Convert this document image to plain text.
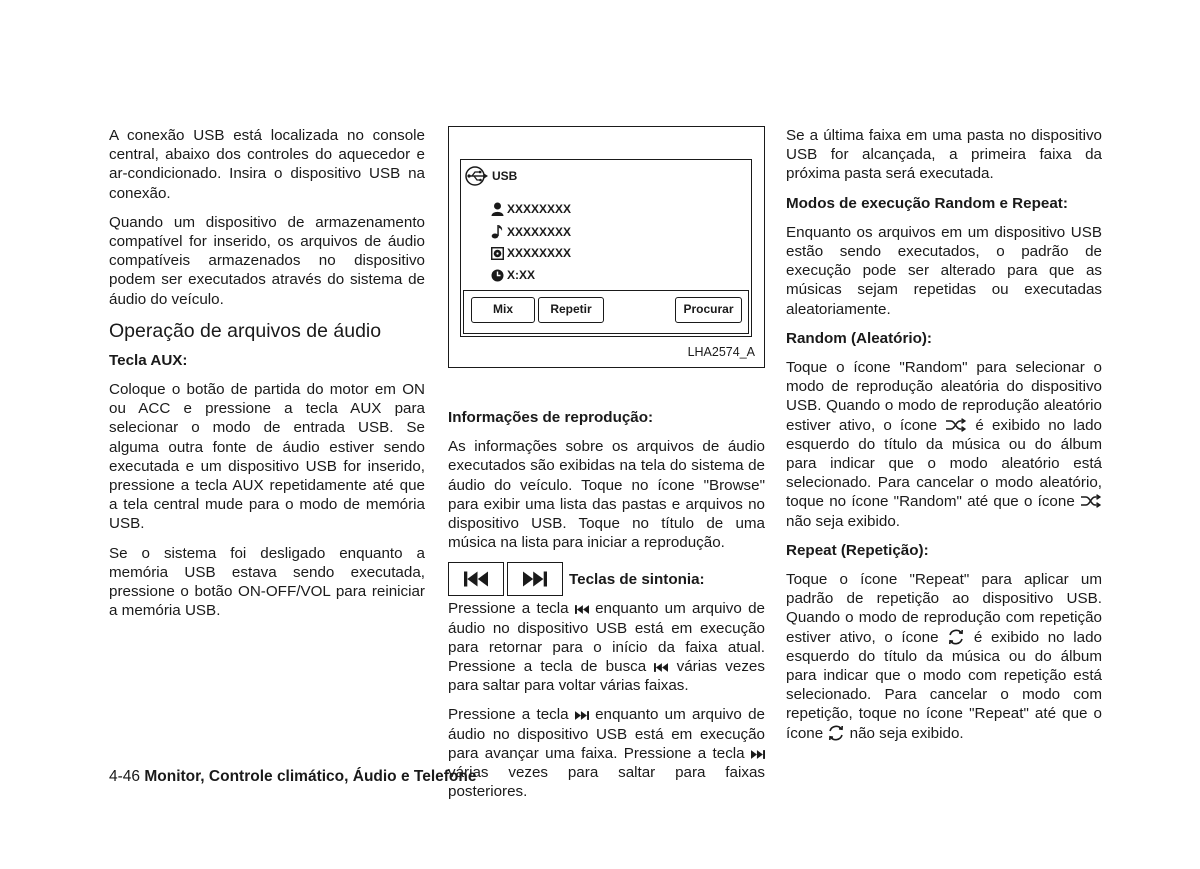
A conexão USB está localizada no console central, abaixo dos controles do aquecedor e ar-condicionado. Insira o dispositivo USB na conexão.

Quando um dispositivo de armazenamento compatível for inserido, os arquivos de áudio compatíveis armazenados no dispositivo podem ser executados através do sistema de áudio do veículo.

Operação de arquivos de áudio
Tecla AUX:

Coloque o botão de partida do motor em ON ou ACC e pressione a tecla AUX para selecionar o modo de entrada USB. Se alguma outra fonte de áudio estiver sendo executada e um dispositivo USB for inserido, pressione a tecla AUX repetidamente até que a tela central mude para o modo de memória USB.

Se o sistema foi desligado enquanto a memória USB estava sendo executada, pressione o botão ON-OFF/VOL para reiniciar a memória USB.

USB
XXXXXXXX
XXXXXXXX
XXXXXXXX
X:XX
Mix	Repetir	Procurar
LHA2574_A
Informações de reprodução:

As informações sobre os arquivos de áudio executados são exibidas na tela do sistema de áudio do veículo. Toque no ícone "Browse" para exibir uma lista das pastas e arquivos no dispositivo USB. Toque no título de uma música na lista para iniciar a reprodução.

Teclas de sintonia:

Pressione a tecla enquanto um arquivo de áudio no dispositivo USB está em execução para retornar para o início da faixa atual. Pressione a tecla de busca várias vezes para saltar para voltar várias faixas.

Pressione a tecla enquanto um arquivo de áudio no dispositivo USB está em execução para avançar uma faixa. Pressione a tecla  várias vezes para saltar para faixas posteriores.

Se a última faixa em uma pasta no dispositivo USB for alcançada, a primeira faixa da próxima pasta será executada.

Modos de execução Random e Repeat:

Enquanto os arquivos em um dispositivo USB estão sendo executados, o padrão de execução pode ser alterado para que as músicas sejam repetidas ou executadas aleatoriamente.

Random (Aleatório):

Toque o ícone "Random" para selecionar o modo de reprodução aleatória do dispositivo USB. Quando o modo de reprodução aleatório estiver ativo, o ícone	é exibido no lado esquerdo do título da música ou do álbum para indicar que o modo aleatório está selecionado. Para cancelar o modo aleatório, toque no ícone "Random" até que o ícone  não seja exibido.

Repeat (Repetição):

Toque o ícone "Repeat" para aplicar um padrão de repetição ao dispositivo USB. Quando o modo de reprodução com repetição estiver ativo, o ícone é exibido no lado esquerdo do título da música ou do álbum para indicar que o modo com repetição está selecionado. Para cancelar o modo com repetição, toque no ícone "Repeat" até que o ícone não seja exibido.

4-46 Monitor, Controle climático, Áudio e Telefone
